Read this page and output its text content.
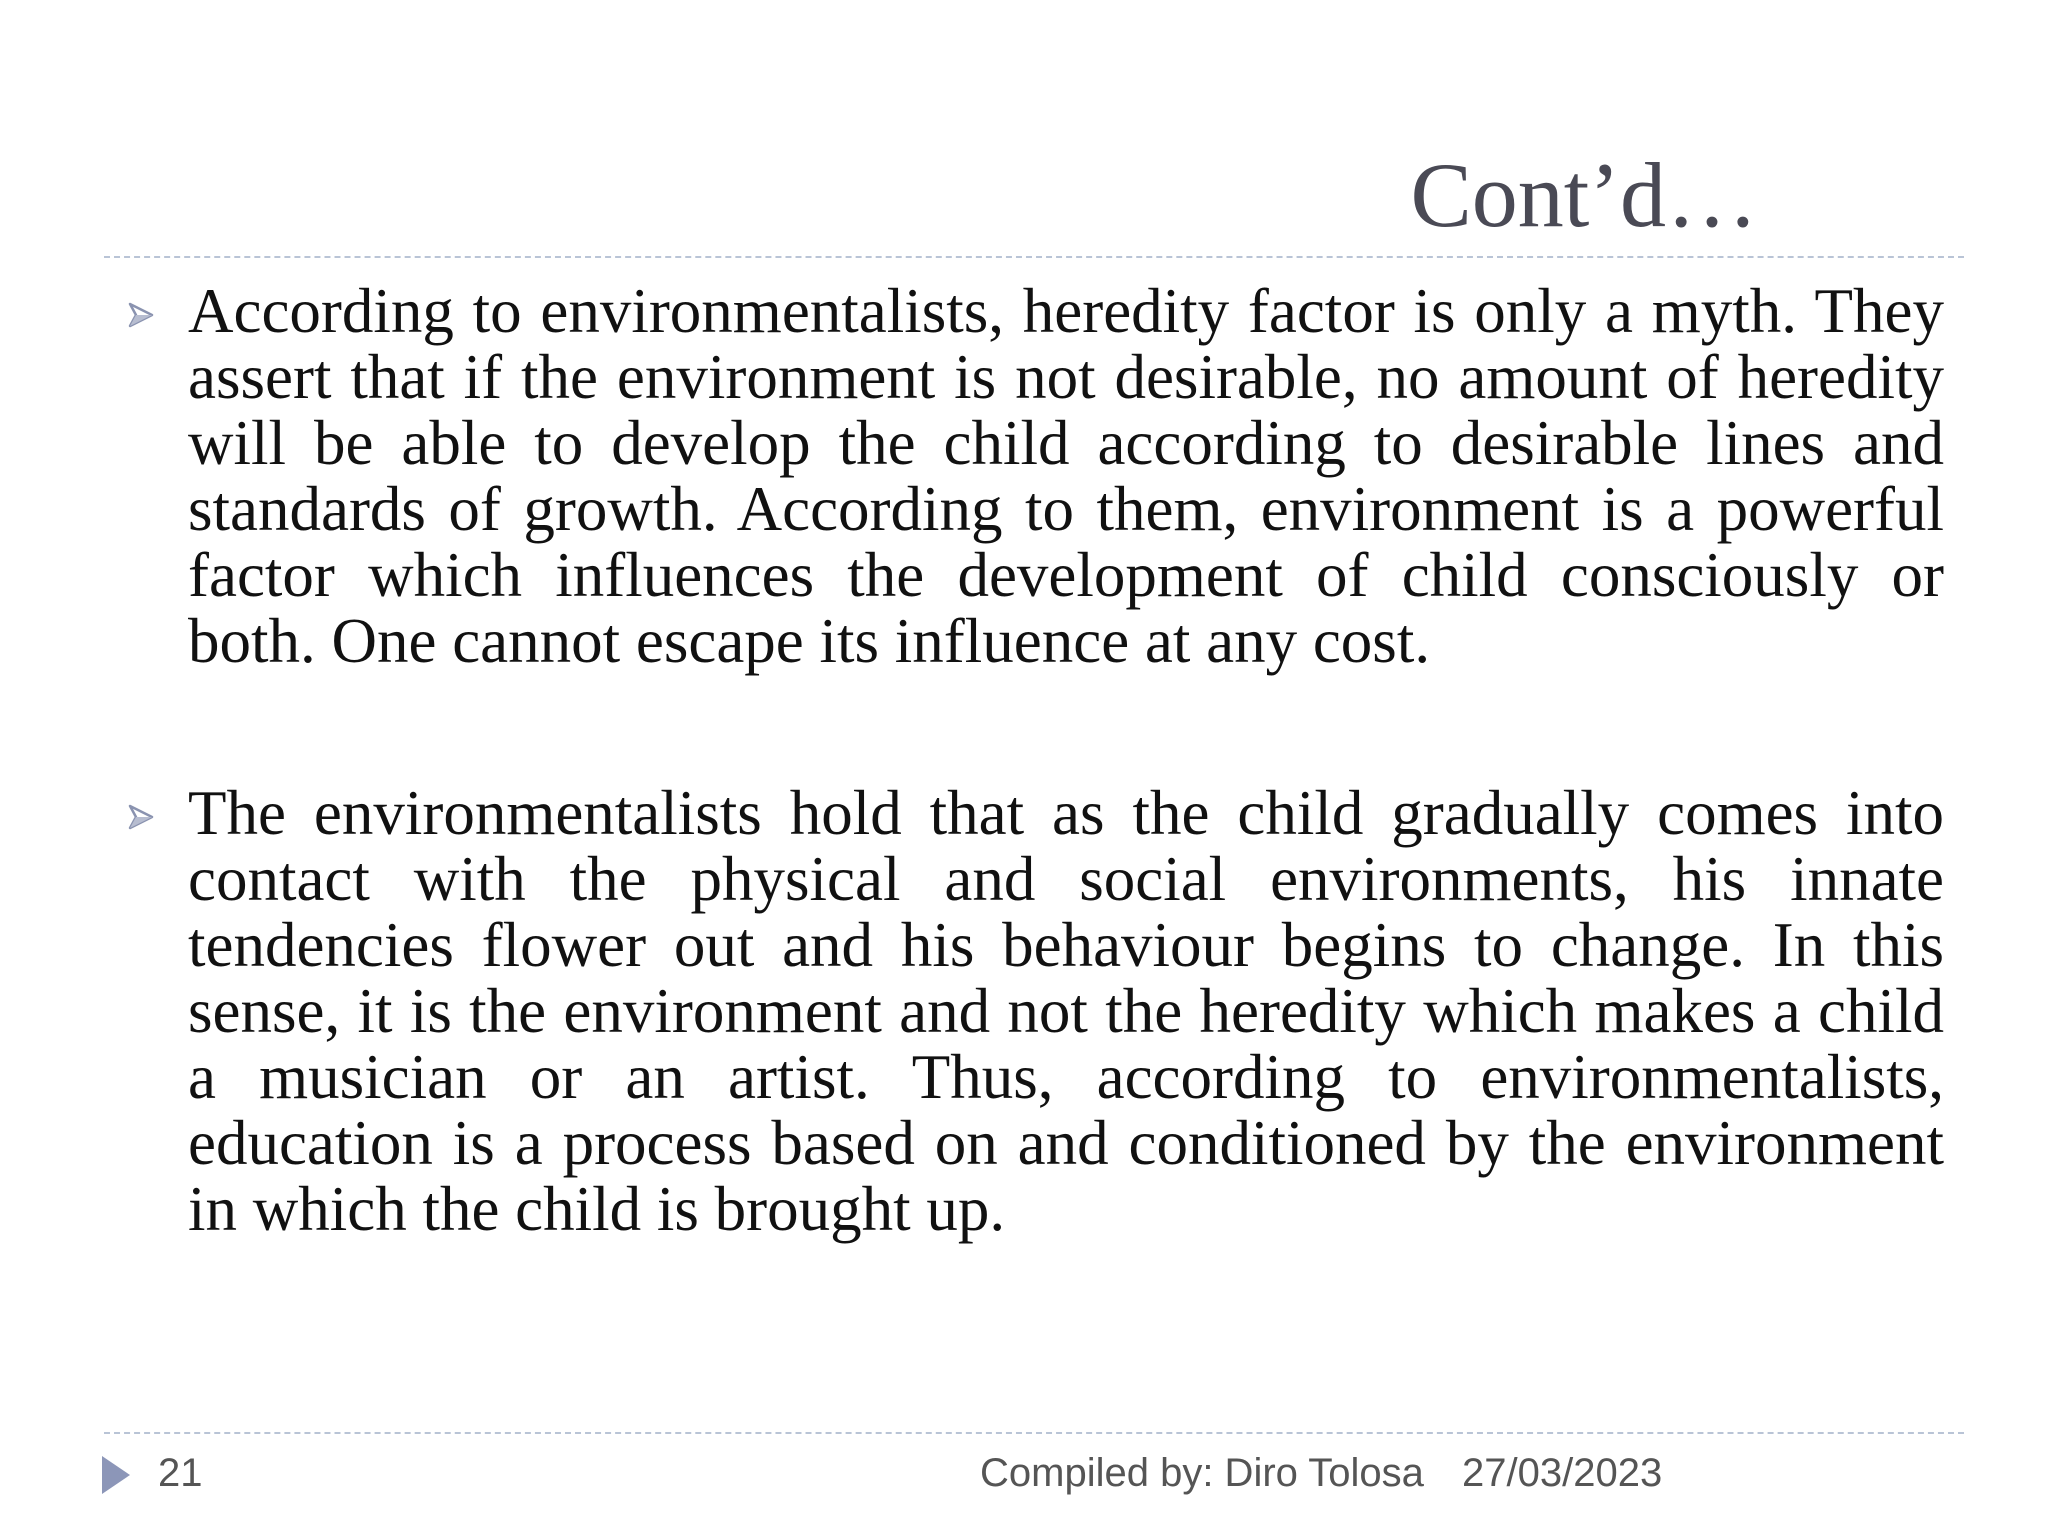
Cont’d…
According to environmentalists, heredity factor is only a myth. They assert that if the environment is not desirable, no amount of heredity will be able to develop the child according to desirable lines and standards of growth. According to them, environment is a powerful factor which influences the development of child consciously or both. One cannot escape its influence at any cost.
The environmentalists hold that as the child gradually comes into contact with the physical and social environments, his innate tendencies flower out and his behaviour begins to change. In this sense, it is the environment and not the heredity which makes a child a musician or an artist. Thus, according to environmentalists, education is a process based on and conditioned by the environment in which the child is brought up.
21	Compiled by: Diro Tolosa 27/03/2023
